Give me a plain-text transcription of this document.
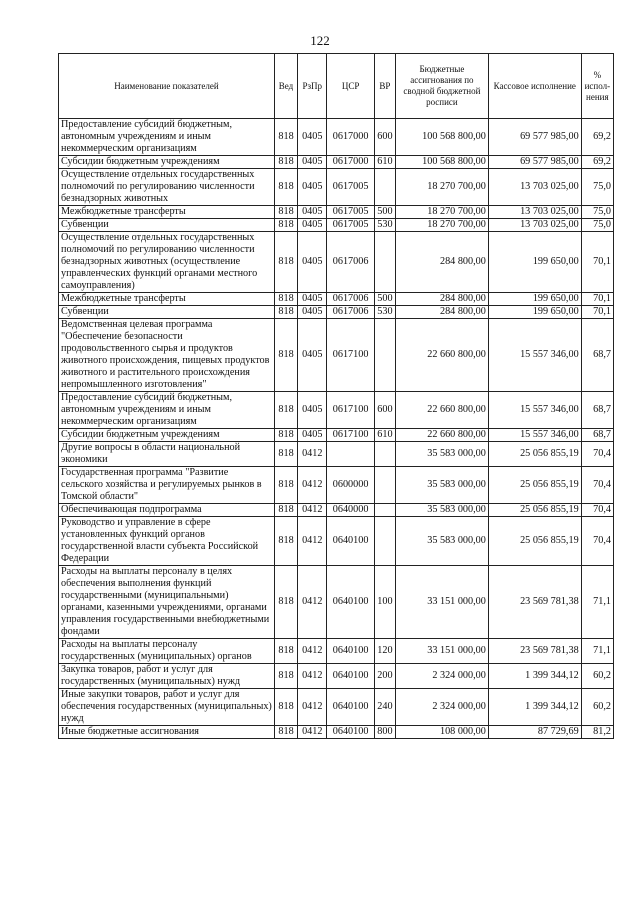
122
Наименование показателей	Вед	РзПр	ЦСР	ВР	Бюджетные ассигнования по сводной бюджетной росписи	Кассовое исполнение	% испол-нения
Предоставление субсидий бюджетным, автономным учреждениям и иным некоммерческим организациям	818	0405	0617000	600	100 568 800,00	69 577 985,00	69,2
Субсидии бюджетным учреждениям	818	0405	0617000	610	100 568 800,00	69 577 985,00	69,2
Осуществление отдельных государственных полномочий по регулированию численности безнадзорных животных	818	0405	0617005		18 270 700,00	13 703 025,00	75,0
Межбюджетные трансферты	818	0405	0617005	500	18 270 700,00	13 703 025,00	75,0
Субвенции	818	0405	0617005	530	18 270 700,00	13 703 025,00	75,0
Осуществление отдельных государственных полномочий по регулированию численности безнадзорных животных (осуществление управленческих функций органами местного самоуправления)	818	0405	0617006		284 800,00	199 650,00	70,1
Межбюджетные трансферты	818	0405	0617006	500	284 800,00	199 650,00	70,1
Субвенции	818	0405	0617006	530	284 800,00	199 650,00	70,1
Ведомственная целевая программа "Обеспечение безопасности продовольственного сырья и продуктов животного происхождения, пищевых продуктов животного и растительного происхождения непромышленного изготовления"	818	0405	0617100		22 660 800,00	15 557 346,00	68,7
Предоставление субсидий бюджетным, автономным учреждениям и иным некоммерческим организациям	818	0405	0617100	600	22 660 800,00	15 557 346,00	68,7
Субсидии бюджетным учреждениям	818	0405	0617100	610	22 660 800,00	15 557 346,00	68,7
Другие вопросы в области национальной экономики	818	0412			35 583 000,00	25 056 855,19	70,4
Государственная программа "Развитие сельского хозяйства и регулируемых рынков в Томской области"	818	0412	0600000		35 583 000,00	25 056 855,19	70,4
Обеспечивающая подпрограмма	818	0412	0640000		35 583 000,00	25 056 855,19	70,4
Руководство и управление в сфере установленных функций органов государственной власти субъекта Российской Федерации	818	0412	0640100		35 583 000,00	25 056 855,19	70,4
Расходы на выплаты персоналу в целях обеспечения выполнения функций государственными (муниципальными) органами, казенными учреждениями, органами управления государственными внебюджетными фондами	818	0412	0640100	100	33 151 000,00	23 569 781,38	71,1
Расходы на выплаты персоналу государственных (муниципальных) органов	818	0412	0640100	120	33 151 000,00	23 569 781,38	71,1
Закупка товаров, работ и услуг для государственных (муниципальных) нужд	818	0412	0640100	200	2 324 000,00	1 399 344,12	60,2
Иные закупки товаров, работ и услуг для обеспечения государственных (муниципальных) нужд	818	0412	0640100	240	2 324 000,00	1 399 344,12	60,2
Иные бюджетные ассигнования	818	0412	0640100	800	108 000,00	87 729,69	81,2
